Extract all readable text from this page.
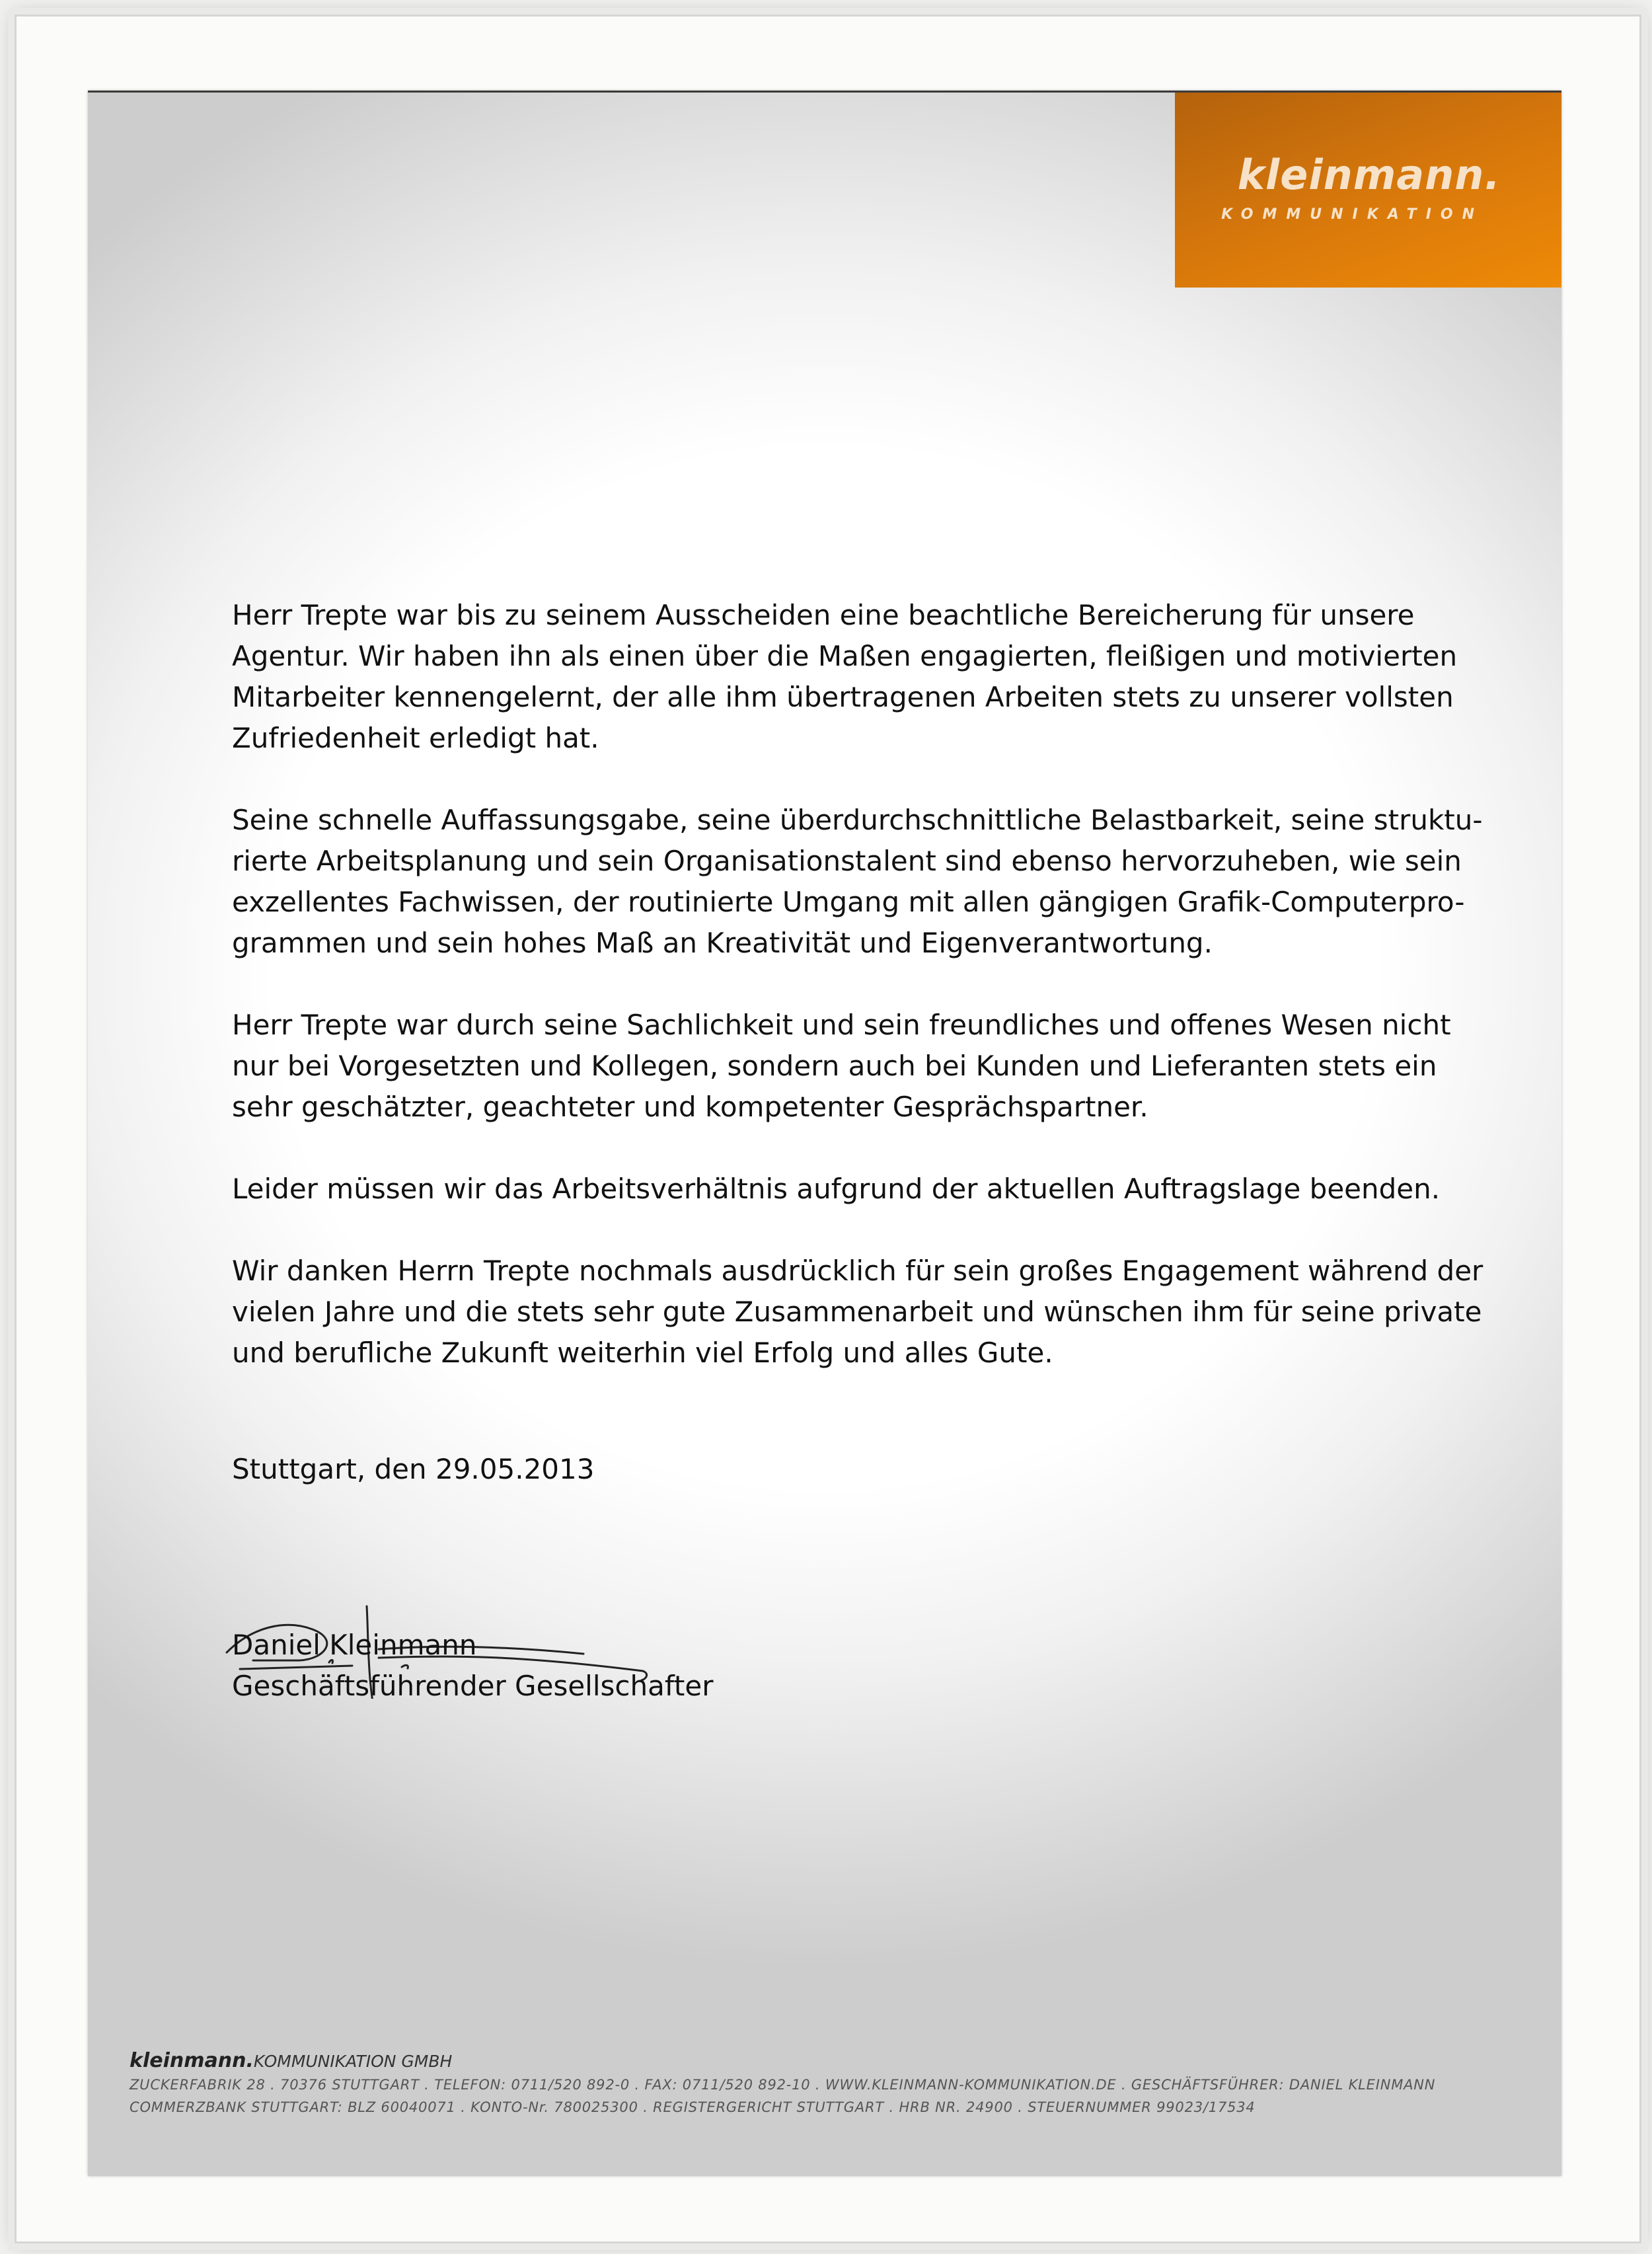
kleinmann.
KOMMUNIKATION

Herr Trepte war bis zu seinem Ausscheiden eine beachtliche Bereicherung für unsere
Agentur. Wir haben ihn als einen über die Maßen engagierten, fleißigen und motivierten
Mitarbeiter kennengelernt, der alle ihm übertragenen Arbeiten stets zu unserer vollsten
Zufriedenheit erledigt hat.

Seine schnelle Auffassungsgabe, seine überdurchschnittliche Belastbarkeit, seine struktu-
rierte Arbeitsplanung und sein Organisationstalent sind ebenso hervorzuheben, wie sein
exzellentes Fachwissen, der routinierte Umgang mit allen gängigen Grafik-Computerpro-
grammen und sein hohes Maß an Kreativität und Eigenverantwortung.

Herr Trepte war durch seine Sachlichkeit und sein freundliches und offenes Wesen nicht
nur bei Vorgesetzten und Kollegen, sondern auch bei Kunden und Lieferanten stets ein
sehr geschätzter, geachteter und kompetenter Gesprächspartner.

Leider müssen wir das Arbeitsverhältnis aufgrund der aktuellen Auftragslage beenden.

Wir danken Herrn Trepte nochmals ausdrücklich für sein großes Engagement während der
vielen Jahre und die stets sehr gute Zusammenarbeit und wünschen ihm für seine private
und berufliche Zukunft weiterhin viel Erfolg und alles Gute.

Stuttgart, den 29.05.2013
Daniel Kleinmann
Geschäftsführender Gesellschafter
kleinmann.KOMMUNIKATION GMBH
ZUCKERFABRIK 28 . 70376 STUTTGART . TELEFON: 0711/520 892-0 . FAX: 0711/520 892-10 . WWW.KLEINMANN-KOMMUNIKATION.DE . GESCHÄFTSFÜHRER: DANIEL KLEINMANN
COMMERZBANK STUTTGART: BLZ 60040071 . KONTO-Nr. 780025300 . REGISTERGERICHT STUTTGART . HRB NR. 24900 . STEUERNUMMER 99023/17534
